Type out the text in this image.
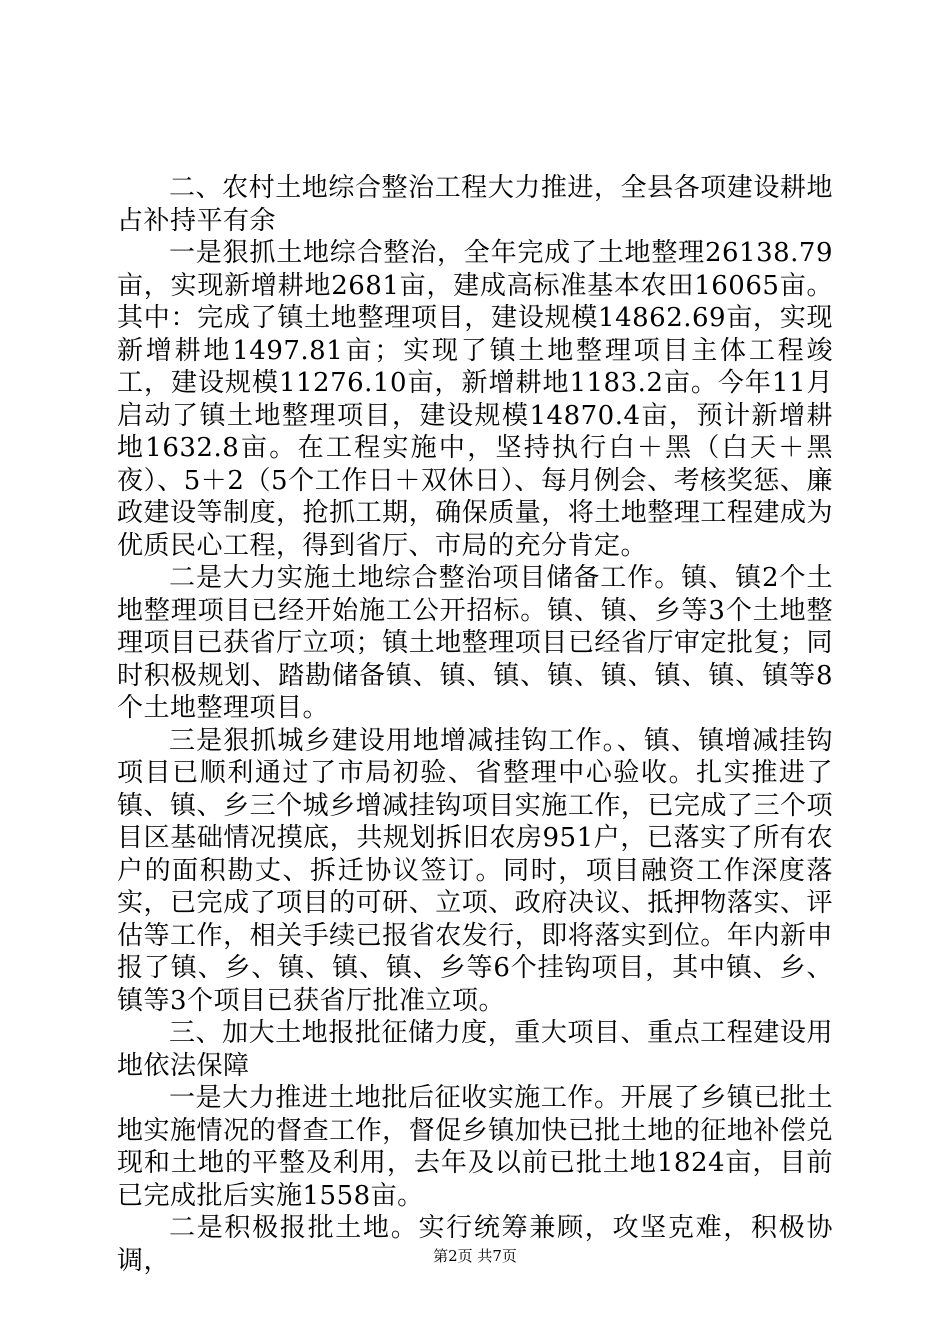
二、农村土地综合整治工程大力推进，全县各项建设耕地占补持平有余

一是狠抓土地综合整治，全年完成了土地整理26138.79亩，实现新增耕地2681亩，建成高标准基本农田16065亩。其中：完成了镇土地整理项目，建设规模14862.69亩，实现新增耕地1497.81亩；实现了镇土地整理项目主体工程竣工，建设规模11276.10亩，新增耕地1183.2亩。今年11月启动了镇土地整理项目，建设规模14870.4亩，预计新增耕地1632.8亩。在工程实施中，坚持执行白＋黑（白天＋黑夜）、5＋2（5个工作日＋双休日）、每月例会、考核奖惩、廉政建设等制度，抢抓工期，确保质量，将土地整理工程建成为优质民心工程，得到省厅、市局的充分肯定。

二是大力实施土地综合整治项目储备工作。镇、镇2个土地整理项目已经开始施工公开招标。镇、镇、乡等3个土地整理项目已获省厅立项；镇土地整理项目已经省厅审定批复；同时积极规划、踏勘储备镇、镇、镇、镇、镇、镇、镇、镇等8个土地整理项目。

三是狠抓城乡建设用地增减挂钩工作。、镇、镇增减挂钩项目已顺利通过了市局初验、省整理中心验收。扎实推进了镇、镇、乡三个城乡增减挂钩项目实施工作，已完成了三个项目区基础情况摸底，共规划拆旧农房951户，已落实了所有农户的面积勘丈、拆迁协议签订。同时，项目融资工作深度落实，已完成了项目的可研、立项、政府决议、抵押物落实、评估等工作，相关手续已报省农发行，即将落实到位。年内新申报了镇、乡、镇、镇、镇、乡等6个挂钩项目，其中镇、乡、镇等3个项目已获省厅批准立项。

三、加大土地报批征储力度，重大项目、重点工程建设用地依法保障

一是大力推进土地批后征收实施工作。开展了乡镇已批土地实施情况的督查工作，督促乡镇加快已批土地的征地补偿兑现和土地的平整及利用，去年及以前已批土地1824亩，目前已完成批后实施1558亩。

二是积极报批土地。实行统筹兼顾，攻坚克难，积极协调，	第2页 共7页
